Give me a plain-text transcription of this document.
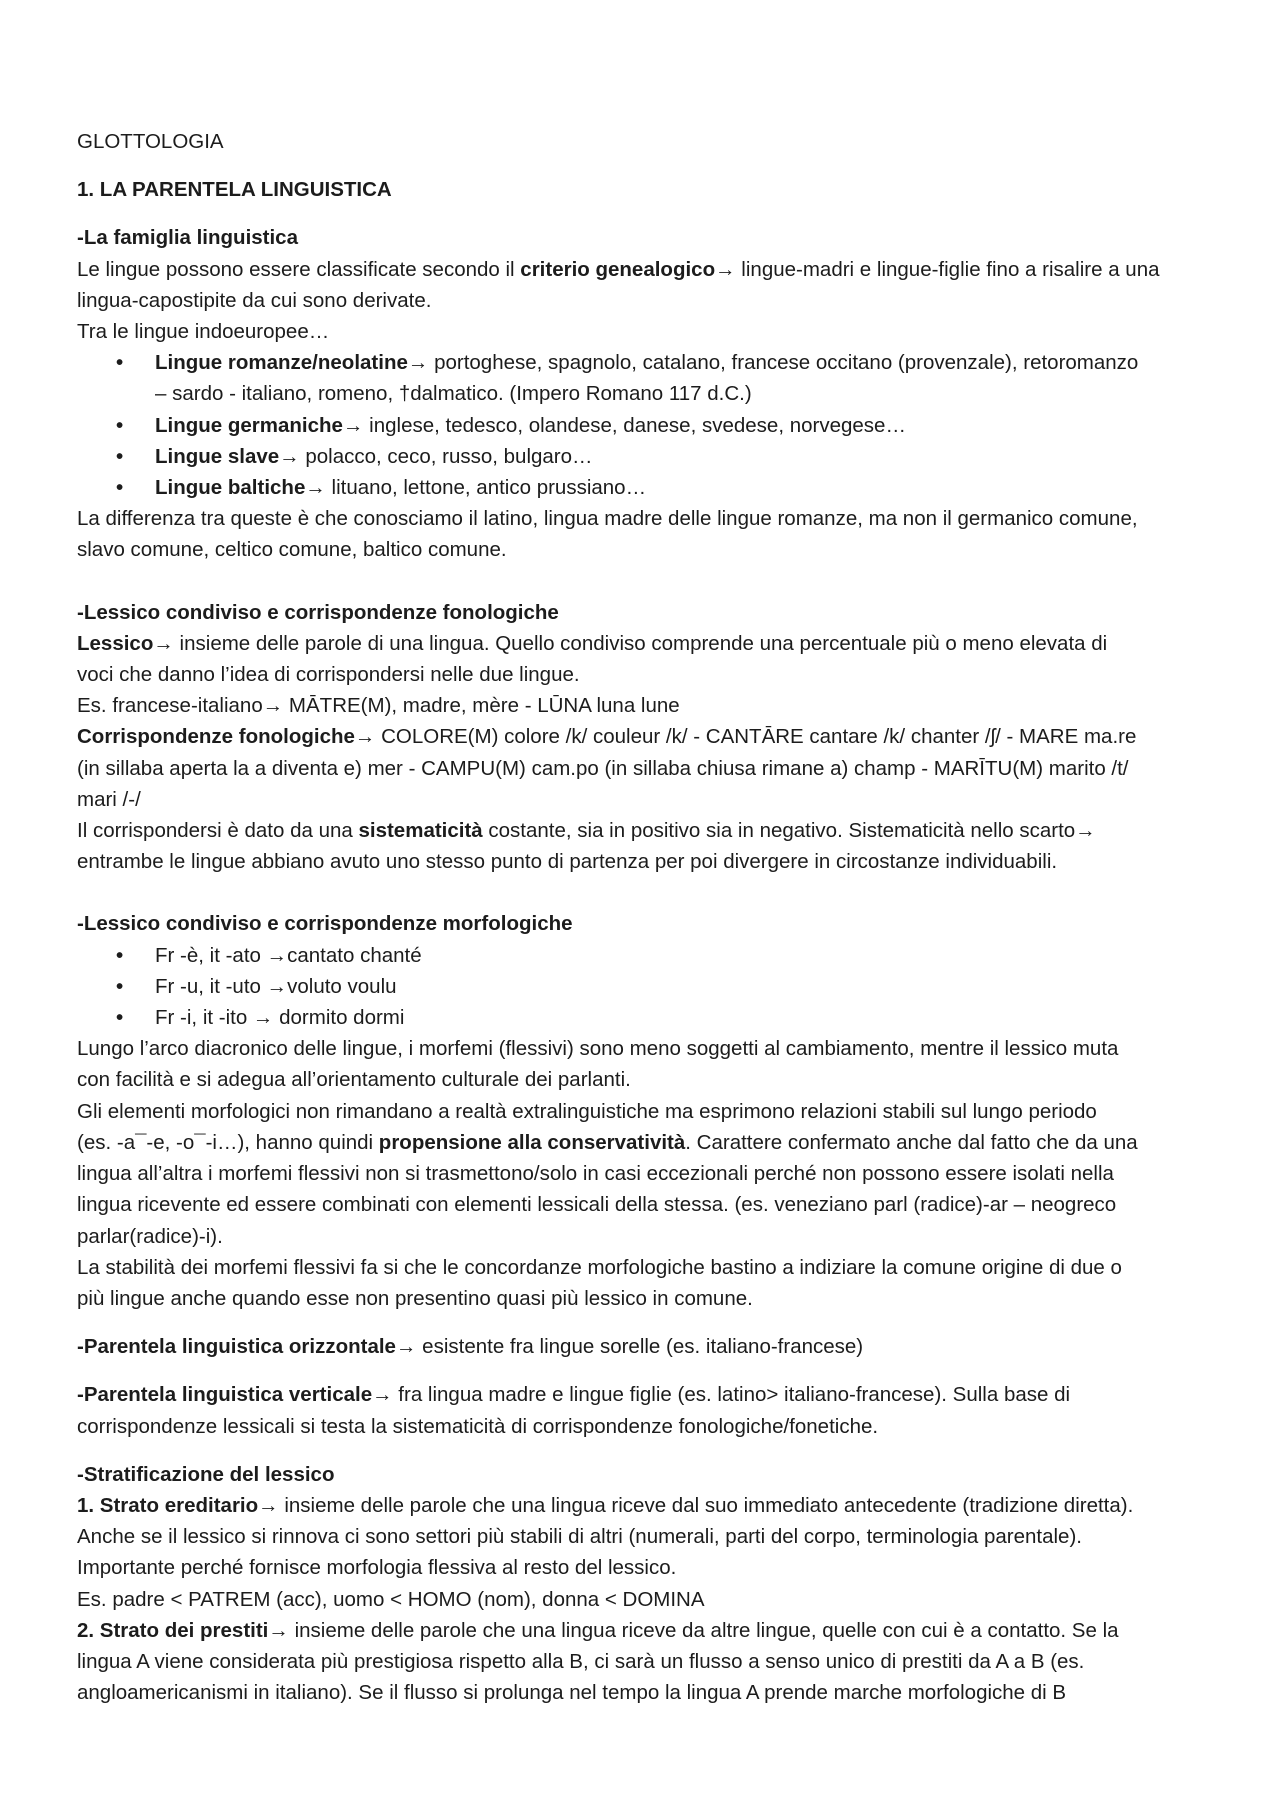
GLOTTOLOGIA

1. LA PARENTELA LINGUISTICA

-La famiglia linguistica

Le lingue possono essere classificate secondo il criterio genealogico→ lingue-madri e lingue-figlie fino a risalire a una

lingua-capostipite da cui sono derivate.

Tra le lingue indoeuropee…

• Lingue romanze/neolatine→ portoghese, spagnolo, catalano, francese occitano (provenzale), retoromanzo
– sardo - italiano, romeno, †dalmatico. (Impero Romano 117 d.C.)
• Lingue germaniche→ inglese, tedesco, olandese, danese, svedese, norvegese…
• Lingue slave→ polacco, ceco, russo, bulgaro…
• Lingue baltiche→ lituano, lettone, antico prussiano…

La differenza tra queste è che conosciamo il latino, lingua madre delle lingue romanze, ma non il germanico comune,

slavo comune, celtico comune, baltico comune.

-Lessico condiviso e corrispondenze fonologiche

Lessico→ insieme delle parole di una lingua. Quello condiviso comprende una percentuale più o meno elevata di

voci che danno l’idea di corrispondersi nelle due lingue.

Es. francese-italiano→ MĀTRE(M), madre, mère - LŪNA luna lune

Corrispondenze fonologiche→ COLORE(M) colore /k/ couleur /k/ - CANTĀRE cantare /k/ chanter /ʃ/ - MARE ma.re

(in sillaba aperta la a diventa e) mer - CAMPU(M) cam.po (in sillaba chiusa rimane a) champ - MARĪTU(M) marito /t/

mari /-/

Il corrispondersi è dato da una sistematicità costante, sia in positivo sia in negativo. Sistematicità nello scarto→

entrambe le lingue abbiano avuto uno stesso punto di partenza per poi divergere in circostanze individuabili.

-Lessico condiviso e corrispondenze morfologiche

• Fr -è, it -ato →cantato chanté
• Fr -u, it -uto →voluto voulu
• Fr -i, it -ito → dormito dormi

Lungo l’arco diacronico delle lingue, i morfemi (flessivi) sono meno soggetti al cambiamento, mentre il lessico muta

con facilità e si adegua all’orientamento culturale dei parlanti.

Gli elementi morfologici non rimandano a realtà extralinguistiche ma esprimono relazioni stabili sul lungo periodo

(es. -a¯-e, -o¯-i…), hanno quindi propensione alla conservatività. Carattere confermato anche dal fatto che da una

lingua all’altra i morfemi flessivi non si trasmettono/solo in casi eccezionali perché non possono essere isolati nella

lingua ricevente ed essere combinati con elementi lessicali della stessa. (es. veneziano parl (radice)-ar – neogreco

parlar(radice)-i).

La stabilità dei morfemi flessivi fa si che le concordanze morfologiche bastino a indiziare la comune origine di due o

più lingue anche quando esse non presentino quasi più lessico in comune.

-Parentela linguistica orizzontale→ esistente fra lingue sorelle (es. italiano-francese)

-Parentela linguistica verticale→ fra lingua madre e lingue figlie (es. latino> italiano-francese). Sulla base di

corrispondenze lessicali si testa la sistematicità di corrispondenze fonologiche/fonetiche.

-Stratificazione del lessico

1. Strato ereditario→ insieme delle parole che una lingua riceve dal suo immediato antecedente (tradizione diretta).

Anche se il lessico si rinnova ci sono settori più stabili di altri (numerali, parti del corpo, terminologia parentale).

Importante perché fornisce morfologia flessiva al resto del lessico.

Es. padre < PATREM (acc), uomo < HOMO (nom), donna < DOMINA

2. Strato dei prestiti→ insieme delle parole che una lingua riceve da altre lingue, quelle con cui è a contatto. Se la

lingua A viene considerata più prestigiosa rispetto alla B, ci sarà un flusso a senso unico di prestiti da A a B (es.

angloamericanismi in italiano). Se il flusso si prolunga nel tempo la lingua A prende marche morfologiche di B
